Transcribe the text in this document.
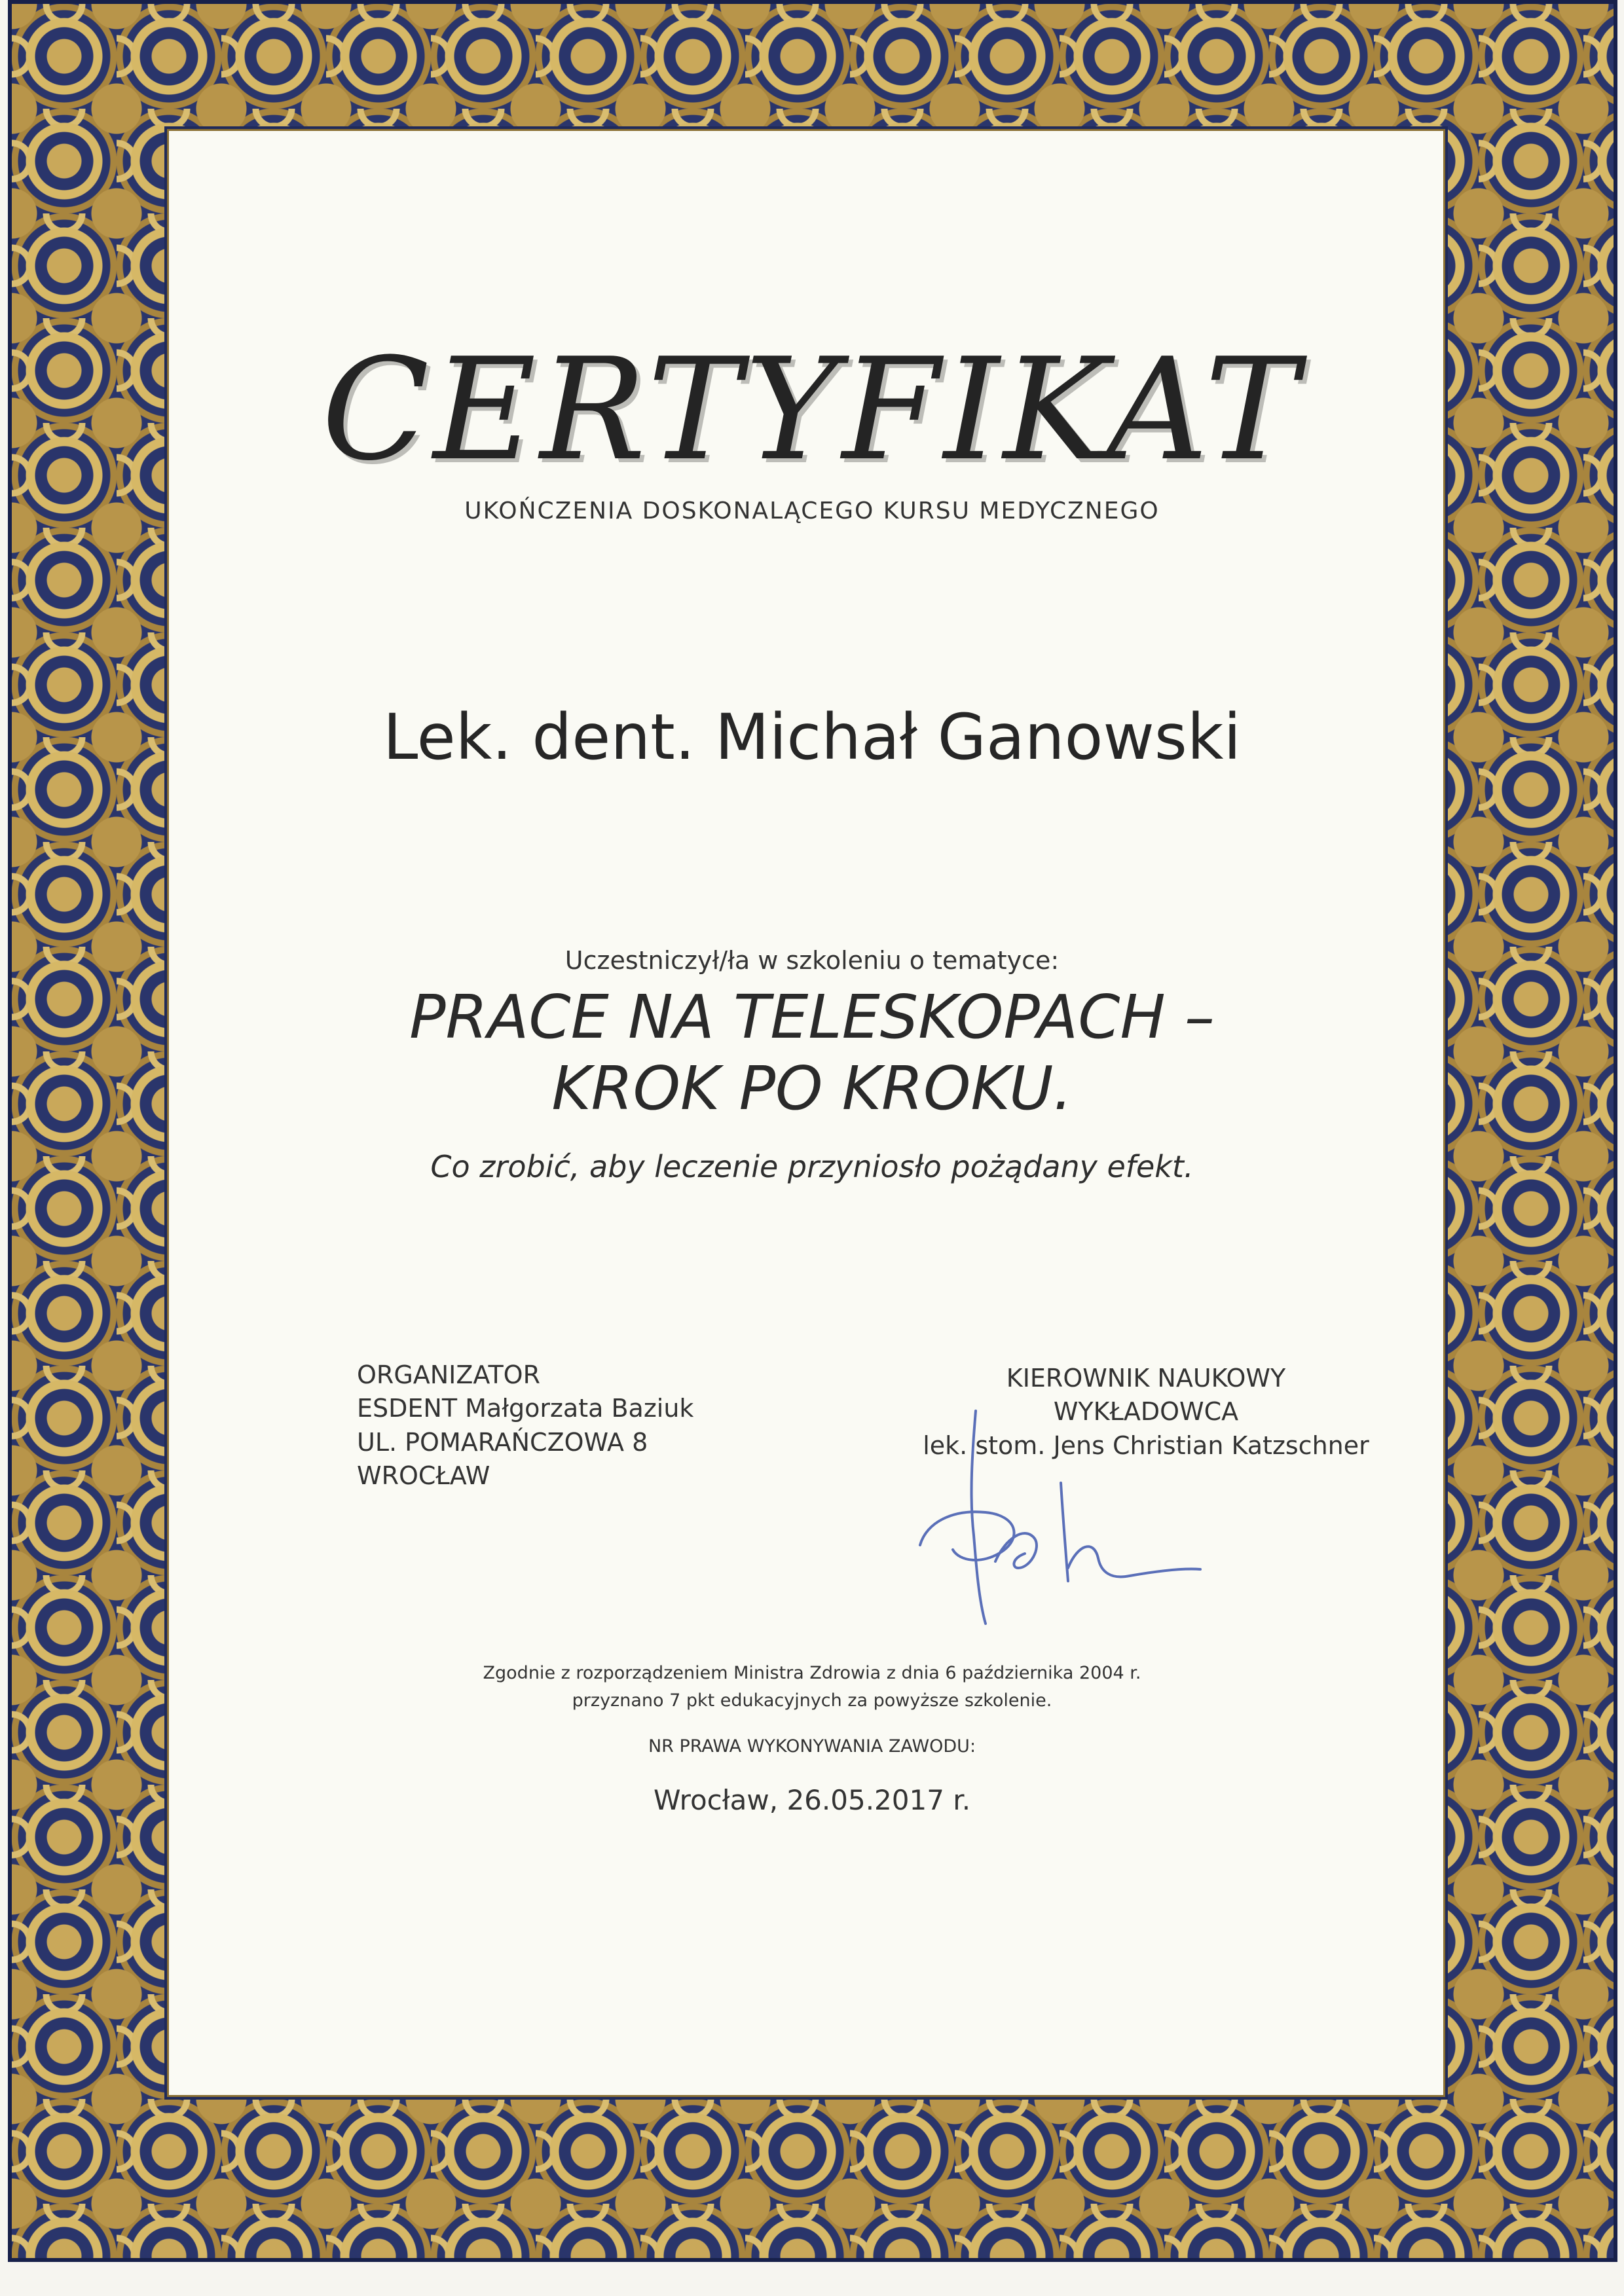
CERTYFIKAT
UKOŃCZENIA DOSKONALĄCEGO KURSU MEDYCZNEGO
Lek. dent. Michał Ganowski
Uczestniczył/ła w szkoleniu o tematyce:
PRACE NA TELESKOPACH –
KROK PO KROKU.
Co zrobić, aby leczenie przyniosło pożądany efekt.
ORGANIZATOR
ESDENT Małgorzata Baziuk
UL. POMARAŃCZOWA 8
WROCŁAW
KIEROWNIK NAUKOWY
WYKŁADOWCA
lek. stom. Jens Christian Katzschner
Zgodnie z rozporządzeniem Ministra Zdrowia z dnia 6 października 2004 r.
przyznano 7 pkt edukacyjnych za powyższe szkolenie.
NR PRAWA WYKONYWANIA ZAWODU:
Wrocław, 26.05.2017 r.
